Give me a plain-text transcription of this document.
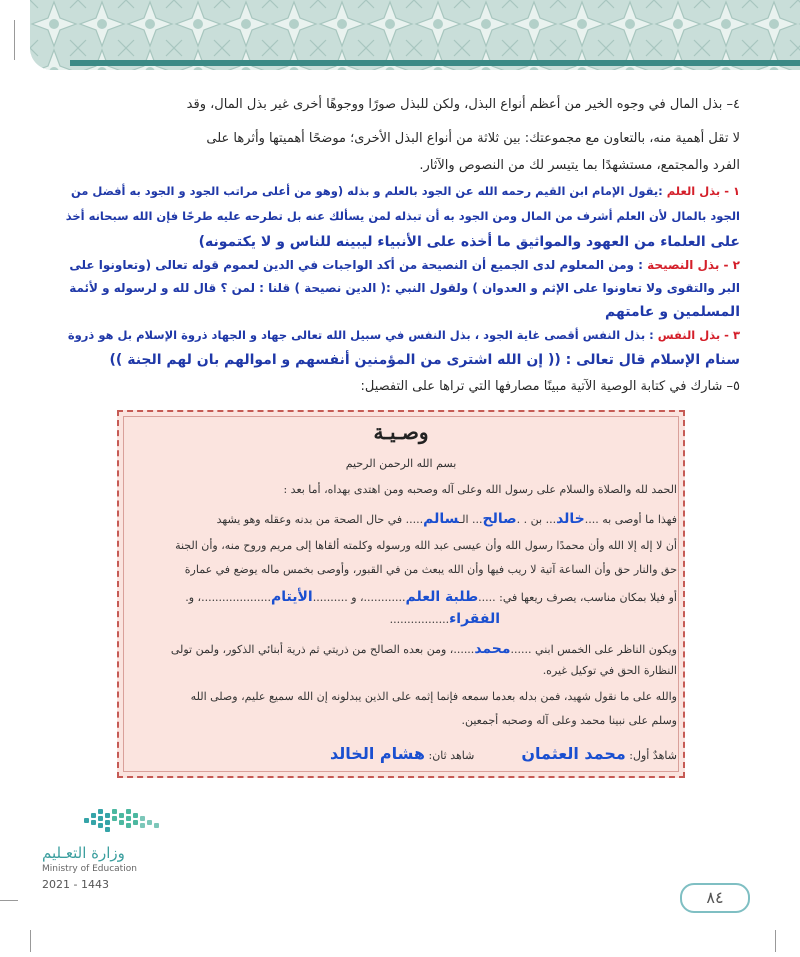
٤– بذل المال في وجوه الخير من أعظم أنواع البذل، ولكن للبذل صورًا ووجوهًا أخرى غير بذل المال، وقد
لا تقل أهمية منه، بالتعاون مع مجموعتك: بين ثلاثة من أنواع البذل الأخرى؛ موضحًا أهميتها وأثرها على
الفرد والمجتمع، مستشهدًا بما يتيسر لك من النصوص والآثار.
١ - بذل العلم :يقول الإمام ابن القيم رحمه الله عن الجود بالعلم و بذله (وهو من أعلى مراتب الجود و الجود به أفضل من
الجود بالمال لأن العلم أشرف من المال ومن الجود به أن تبذله لمن يسألك عنه بل تطرحه عليه طرحًا فإن الله سبحانه أخذ
على العلماء من العهود والمواثيق ما أخذه على الأنبياء ليبينه للناس و لا يكتمونه)
٢ - بذل النصيحة : ومن المعلوم لدى الجميع أن النصيحة من أكد الواجبات في الدين لعموم قوله تعالى (وتعاونوا على
البر والتقوى ولا تعاونوا على الإثم و العدوان ) ولقول النبي :( الدين نصيحة ) قلنا : لمن ؟ قال لله و لرسوله و لأئمة
المسلمين و عامتهم
٣ - بذل النفس : بذل النفس أقصى غاية الجود ، بذل النفس في سبيل الله تعالى جهاد و الجهاد ذروة الإسلام بل هو ذروة
سنام الإسلام قال تعالى : (( إن الله اشترى من المؤمنين أنفسهم و اموالهم بان لهم الجنة ))
٥– شارك في كتابة الوصية الآتية مبينًا مصارفها التي تراها على التفصيل:
وصـيـة
بسم الله الرحمن الرحيم
الحمد لله والصلاة والسلام على رسول الله وعلى آله وصحبه ومن اهتدى بهداه، أما بعد :
فهذا ما أوصى به ....خالد... بن . .صالح... الـسالم..... في حال الصحة من بدنه وعقله وهو يشهد
أن لا إله إلا الله وأن محمدًا رسول الله وأن عيسى عبد الله ورسوله وكلمته ألقاها إلى مريم وروح منه، وأن الجنة
حق والنار حق وأن الساعة آتية لا ريب فيها وأن الله يبعث من في القبور، وأوصى بخمس ماله يوضع في عمارة
أو فيلا بمكان مناسب، يصرف ريعها في: .....طلبة العلم............، و ..........الأيتام....................، و.
الفقراء.................
ويكون الناظر على الخمس ابني ......محمد......، ومن بعده الصالح من ذريتي ثم ذرية أبنائي الذكور، ولمن تولى
النظارة الحق في توكيل غيره.
والله على ما نقول شهيد، فمن بدله بعدما سمعه فإنما إثمه على الذين يبدلونه إن الله سميع عليم، وصلى الله
وسلم على نبينا محمد وعلى آله وصحبه أجمعين.
شاهدٌ أول: محمد العثمان  شاهد ثان: هشام الخالد
وزارة التعـليم
Ministry of Education
2021 - 1443
٨٤
